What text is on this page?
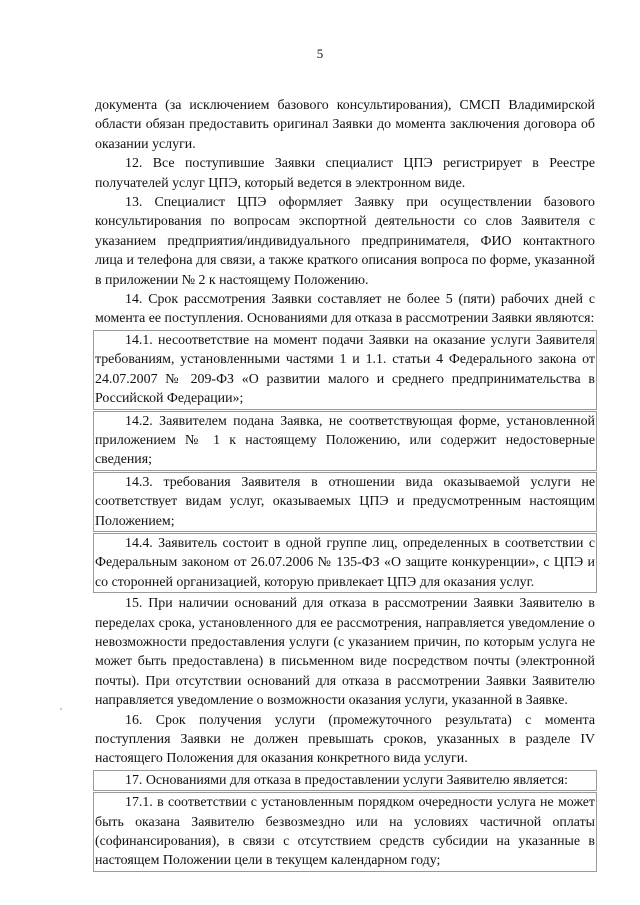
5

документа (за исключением базового консультирования), СМСП Владимирской области обязан предоставить оригинал Заявки до момента заключения договора об оказании услуги.

12. Все поступившие Заявки специалист ЦПЭ регистрирует в Реестре получателей услуг ЦПЭ, который ведется в электронном виде.

13. Специалист ЦПЭ оформляет Заявку при осуществлении базового консультирования по вопросам экспортной деятельности со слов Заявителя с указанием предприятия/индивидуального предпринимателя, ФИО контактного лица и телефона для связи, а также краткого описания вопроса по форме, указанной в приложении № 2 к настоящему Положению.

14. Срок рассмотрения Заявки составляет не более 5 (пяти) рабочих дней с момента ее поступления. Основаниями для отказа в рассмотрении Заявки являются:

14.1. несоответствие на момент подачи Заявки на оказание услуги Заявителя требованиям, установленными частями 1 и 1.1. статьи 4 Федерального закона от 24.07.2007 № 209-ФЗ «О развитии малого и среднего предпринимательства в Российской Федерации»;

14.2. Заявителем подана Заявка, не соответствующая форме, установленной приложением № 1 к настоящему Положению, или содержит недостоверные сведения;

14.3. требования Заявителя в отношении вида оказываемой услуги не соответствует видам услуг, оказываемых ЦПЭ и предусмотренным настоящим Положением;

14.4. Заявитель состоит в одной группе лиц, определенных в соответствии с Федеральным законом от 26.07.2006 № 135-ФЗ «О защите конкуренции», с ЦПЭ и со сторонней организацией, которую привлекает ЦПЭ для оказания услуг.

15. При наличии оснований для отказа в рассмотрении Заявки Заявителю в переделах срока, установленного для ее рассмотрения, направляется уведомление о невозможности предоставления услуги (с указанием причин, по которым услуга не может быть предоставлена) в письменном виде посредством почты (электронной почты). При отсутствии оснований для отказа в рассмотрении Заявки Заявителю направляется уведомление о возможности оказания услуги, указанной в Заявке.

16. Срок получения услуги (промежуточного результата) с момента поступления Заявки не должен превышать сроков, указанных в разделе IV настоящего Положения для оказания конкретного вида услуги.

17. Основаниями для отказа в предоставлении услуги Заявителю является:

17.1. в соответствии с установленным порядком очередности услуга не может быть оказана Заявителю безвозмездно или на условиях частичной оплаты (софинансирования), в связи с отсутствием средств субсидии на указанные в настоящем Положении цели в текущем календарном году;
